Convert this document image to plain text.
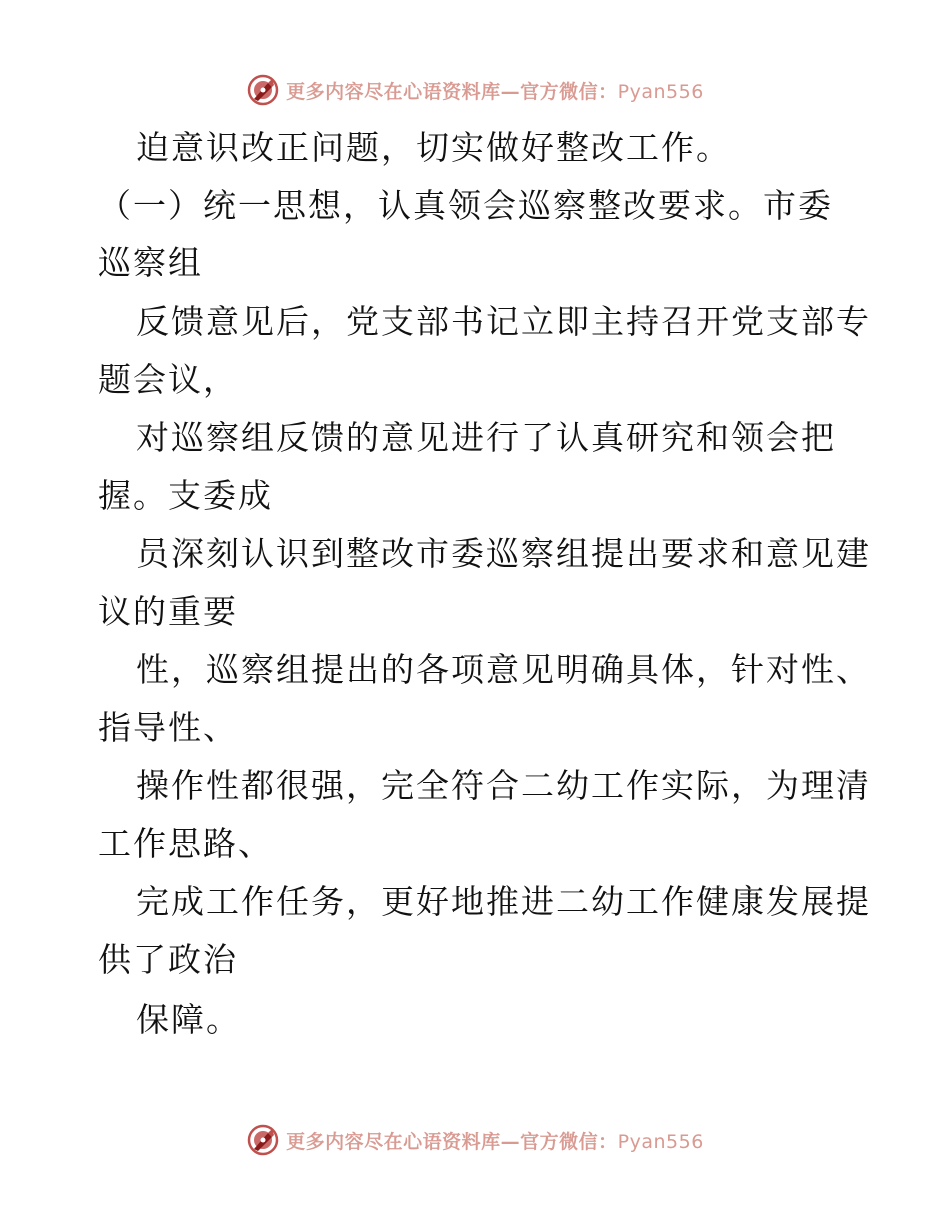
更多内容尽在心语资料库—官方微信：Pyan556
迫意识改正问题，切实做好整改工作。
（一）统一思想，认真领会巡察整改要求。市委
巡察组
反馈意见后，党支部书记立即主持召开党支部专
题会议，
对巡察组反馈的意见进行了认真研究和领会把
握。支委成
员深刻认识到整改市委巡察组提出要求和意见建
议的重要
性，巡察组提出的各项意见明确具体，针对性、
指导性、
操作性都很强，完全符合二幼工作实际，为理清
工作思路、
完成工作任务，更好地推进二幼工作健康发展提
供了政治
保障。
更多内容尽在心语资料库—官方微信：Pyan556
